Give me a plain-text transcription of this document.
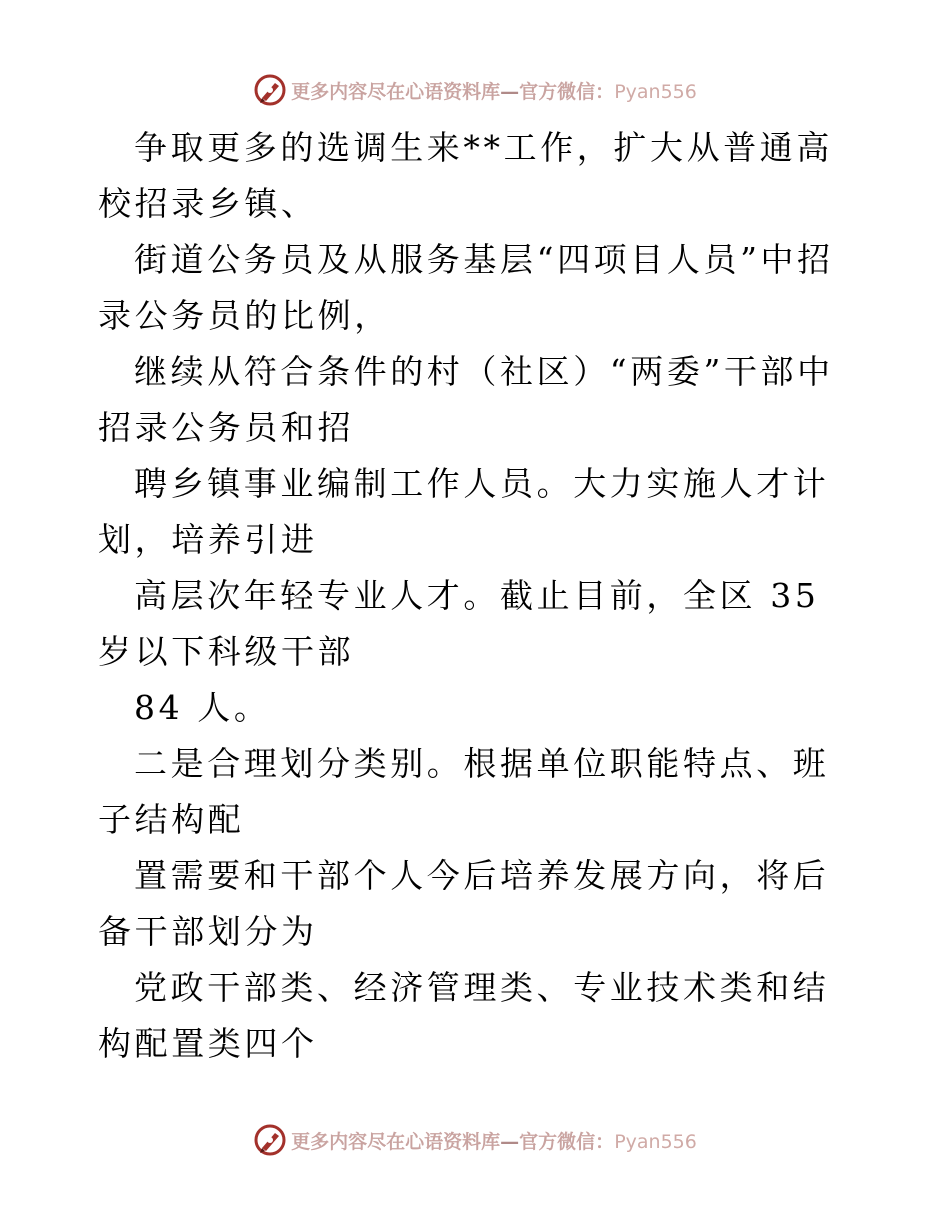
更多内容尽在心语资料库—官方微信：Pyan556

争取更多的选调生来**工作，扩大从普通高校招录乡镇、

街道公务员及从服务基层“四项目人员”中招录公务员的比例，

继续从符合条件的村（社区）“两委”干部中招录公务员和招

聘乡镇事业编制工作人员。大力实施人才计划，培养引进

高层次年轻专业人才。截止目前，全区 35 岁以下科级干部

84 人。

二是合理划分类别。根据单位职能特点、班子结构配

置需要和干部个人今后培养发展方向，将后备干部划分为

党政干部类、经济管理类、专业技术类和结构配置类四个

更多内容尽在心语资料库—官方微信：Pyan556
